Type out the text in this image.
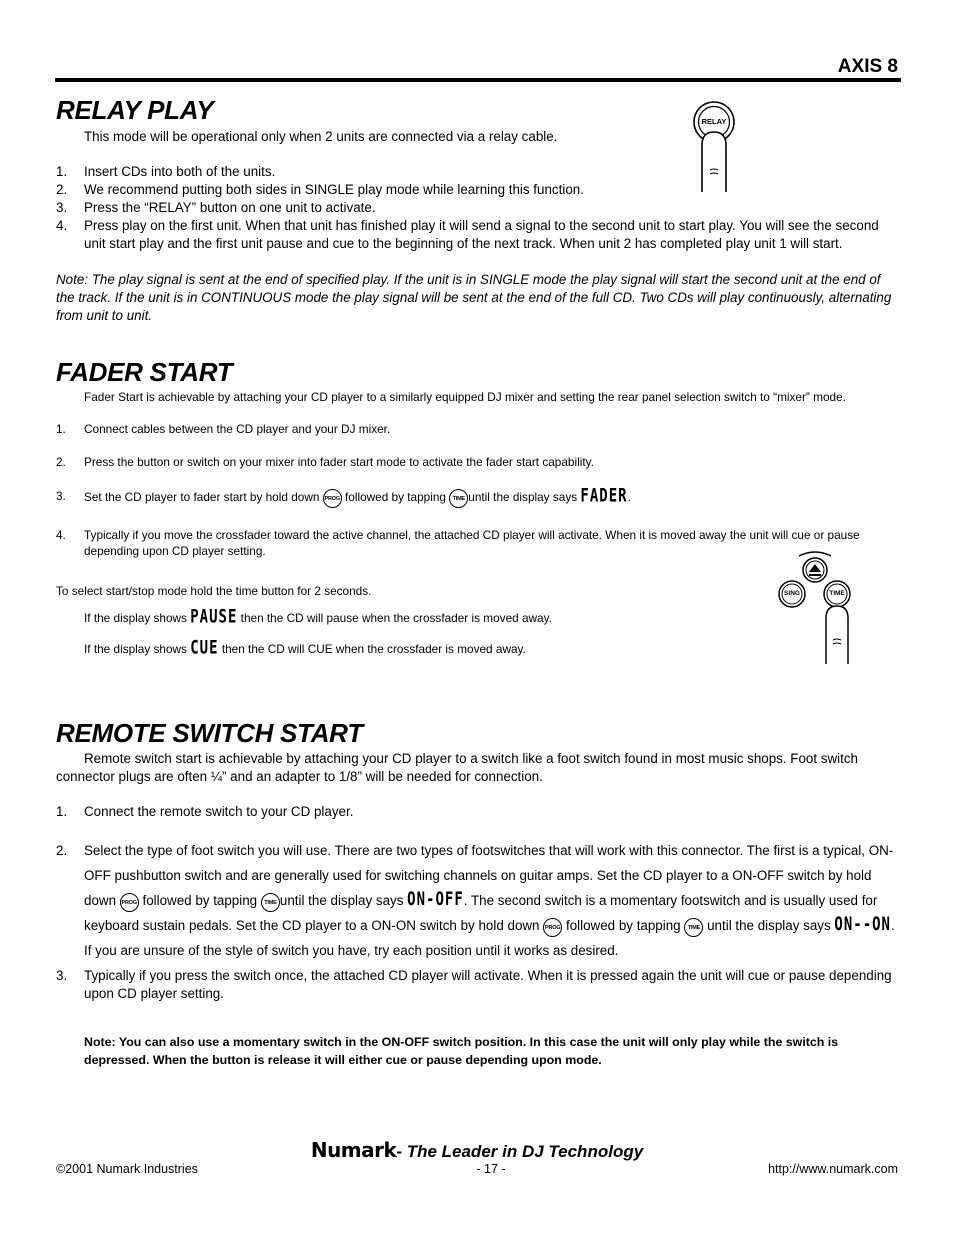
AXIS 8
RELAY PLAY

This mode will be operational only when 2 units are connected via a relay cable.

1. Insert CDs into both of the units.
2. We recommend putting both sides in SINGLE play mode while learning this function.
3. Press the “RELAY” button on one unit to activate.
4. Press play on the first unit. When that unit has finished play it will send a signal to the second unit to start play. You will see the second unit start play and the first unit pause and cue to the beginning of the next track. When unit 2 has completed play unit 1 will start.

Note: The play signal is sent at the end of specified play. If the unit is in SINGLE mode the play signal will start the second unit at the end of the track. If the unit is in CONTINUOUS mode the play signal will be sent at the end of the full CD. Two CDs will play continuously, alternating from unit to unit.

RELAY
FADER START

Fader Start is achievable by attaching your CD player to a similarly equipped DJ mixer and setting the rear panel selection switch to “mixer” mode.

1. Connect cables between the CD player and your DJ mixer.
2. Press the button or switch on your mixer into fader start mode to activate the fader start capability.
3. Set the CD player to fader start by hold down PROG followed by tapping TIME until the display says FADER.
4. Typically if you move the crossfader toward the active channel, the attached CD player will activate. When it is moved away the unit will cue or pause depending upon CD player setting.

To select start/stop mode hold the time button for 2 seconds.

If the display shows PAUSE then the CD will pause when the crossfader is moved away.

If the display shows CUE then the CD will CUE when the crossfader is moved away.

SING	TIME
REMOTE SWITCH START

Remote switch start is achievable by attaching your CD player to a switch like a foot switch found in most music shops. Foot switch connector plugs are often ¼” and an adapter to 1/8” will be needed for connection.

1. Connect the remote switch to your CD player.
2. Select the type of foot switch you will use. There are two types of footswitches that will work with this connector. The first is a typical, ON-OFF pushbutton switch and are generally used for switching channels on guitar amps. Set the CD player to a ON-OFF switch by hold down PROG followed by tapping TIME until the display says ON-OFF. The second switch is a momentary footswitch and is usually used for keyboard sustain pedals. Set the CD player to a ON-ON switch by hold down PROG followed by tapping TIME until the display says ON--ON. If you are unsure of the style of switch you have, try each position until it works as desired.
3. Typically if you press the switch once, the attached CD player will activate. When it is pressed again the unit will cue or pause depending upon CD player setting.

Note: You can also use a momentary switch in the ON-OFF switch position. In this case the unit will only play while the switch is depressed. When the button is release it will either cue or pause depending upon mode.

Numark- The Leader in DJ Technology
©2001 Numark Industries	- 17 -	http://www.numark.com
